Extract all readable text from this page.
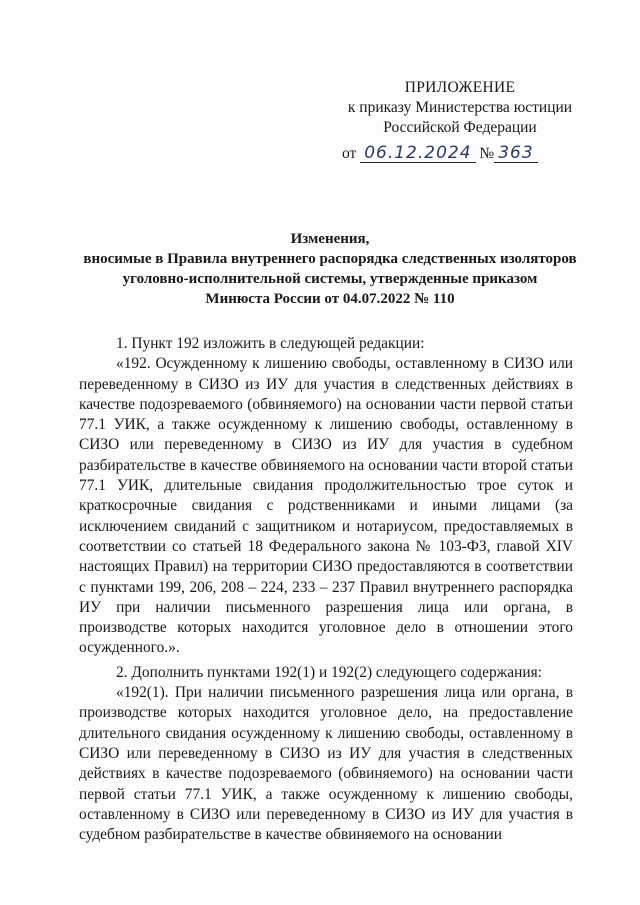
ПРИЛОЖЕНИЕ
к приказу Министерства юстиции
Российской Федерации
от 06.12.2024 № 363
Изменения,
вносимые в Правила внутреннего распорядка следственных изоляторов
уголовно-исполнительной системы, утвержденные приказом
Минюста России от 04.07.2022 № 110

1. Пункт 192 изложить в следующей редакции:

«192. Осужденному к лишению свободы, оставленному в СИЗО или переведенному в СИЗО из ИУ для участия в следственных действиях в качестве подозреваемого (обвиняемого) на основании части первой статьи 77.1 УИК, а также осужденному к лишению свободы, оставленному в СИЗО или переведенному в СИЗО из ИУ для участия в судебном разбирательстве в качестве обвиняемого на основании части второй статьи 77.1 УИК, длительные свидания продолжительностью трое суток и краткосрочные свидания с родственниками и иными лицами (за исключением свиданий с защитником и нотариусом, предоставляемых в соответствии со статьей 18 Федерального закона № 103-ФЗ, главой XIV настоящих Правил) на территории СИЗО предоставляются в соответствии с пунктами 199, 206, 208 – 224, 233 – 237 Правил внутреннего распорядка ИУ при наличии письменного разрешения лица или органа, в производстве которых находится уголовное дело в отношении этого осужденного.».

2. Дополнить пунктами 192(1) и 192(2) следующего содержания:

«192(1). При наличии письменного разрешения лица или органа, в производстве которых находится уголовное дело, на предоставление длительного свидания осужденному к лишению свободы, оставленному в СИЗО или переведенному в СИЗО из ИУ для участия в следственных действиях в качестве подозреваемого (обвиняемого) на основании части первой статьи 77.1 УИК, а также осужденному к лишению свободы, оставленному в СИЗО или переведенному в СИЗО из ИУ для участия в судебном разбирательстве в качестве обвиняемого на основании
